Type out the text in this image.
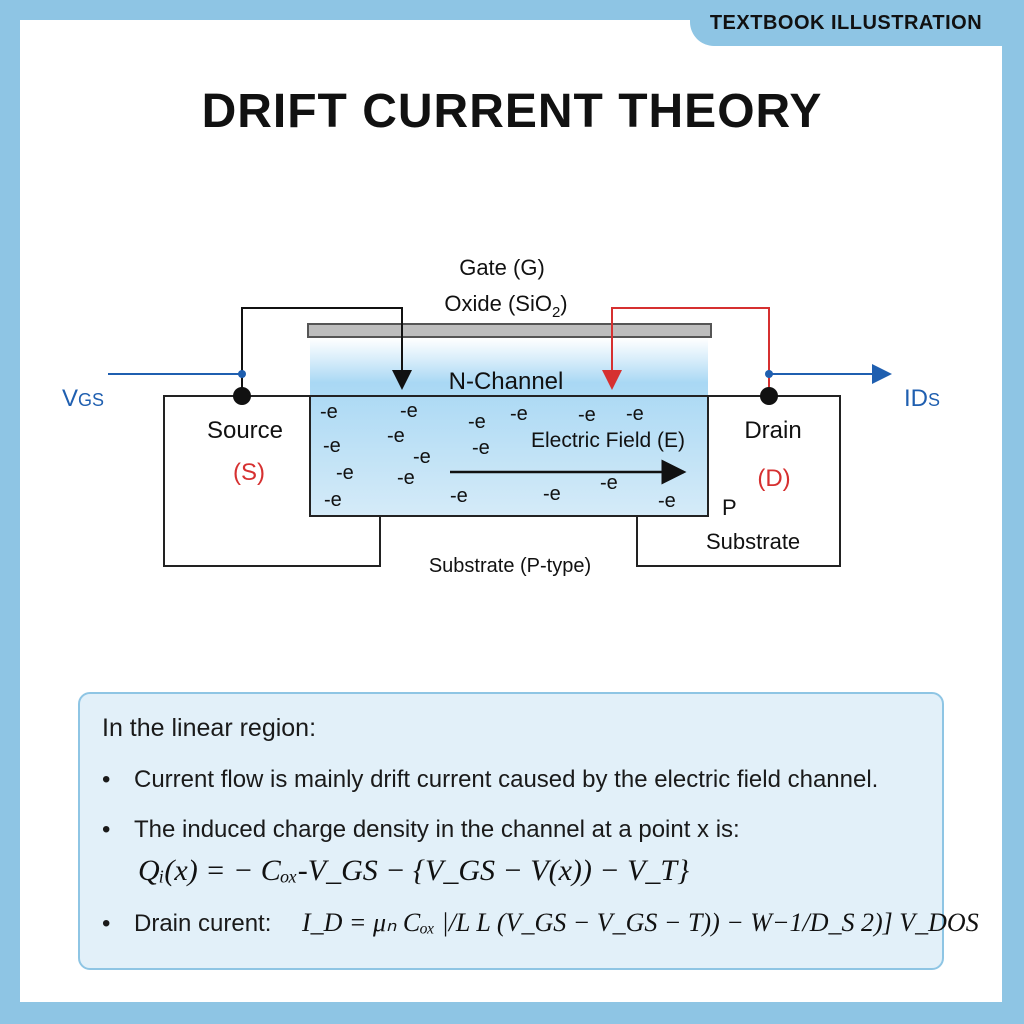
TEXTBOOK ILLUSTRATION
DRIFT CURRENT THEORY
Gate (G)
Oxide (SiO$_2$)
N-Channel
Source
(S)
Drain
(D)
VGS	IDS
Electric Field (E)
P
Substrate
Substrate (P-type)
-e	-e	-e -e	-e -e
-e -e
-e
-e
-e -e
-e	-e	-e -e
-e
In the linear region:
• Current flow is mainly drift current caused by the electric field channel.
• The induced charge density in the channel at a point x is:
Qᵢ(x) = − Cₒₓ-V_GS − {V_GS − V(x)) − V_T}
• Drain curent: I_D = μₙ Cₒₓ |/L L (V_GS − V_GS − T)) − W−1/D_S 2)] V_DOS
